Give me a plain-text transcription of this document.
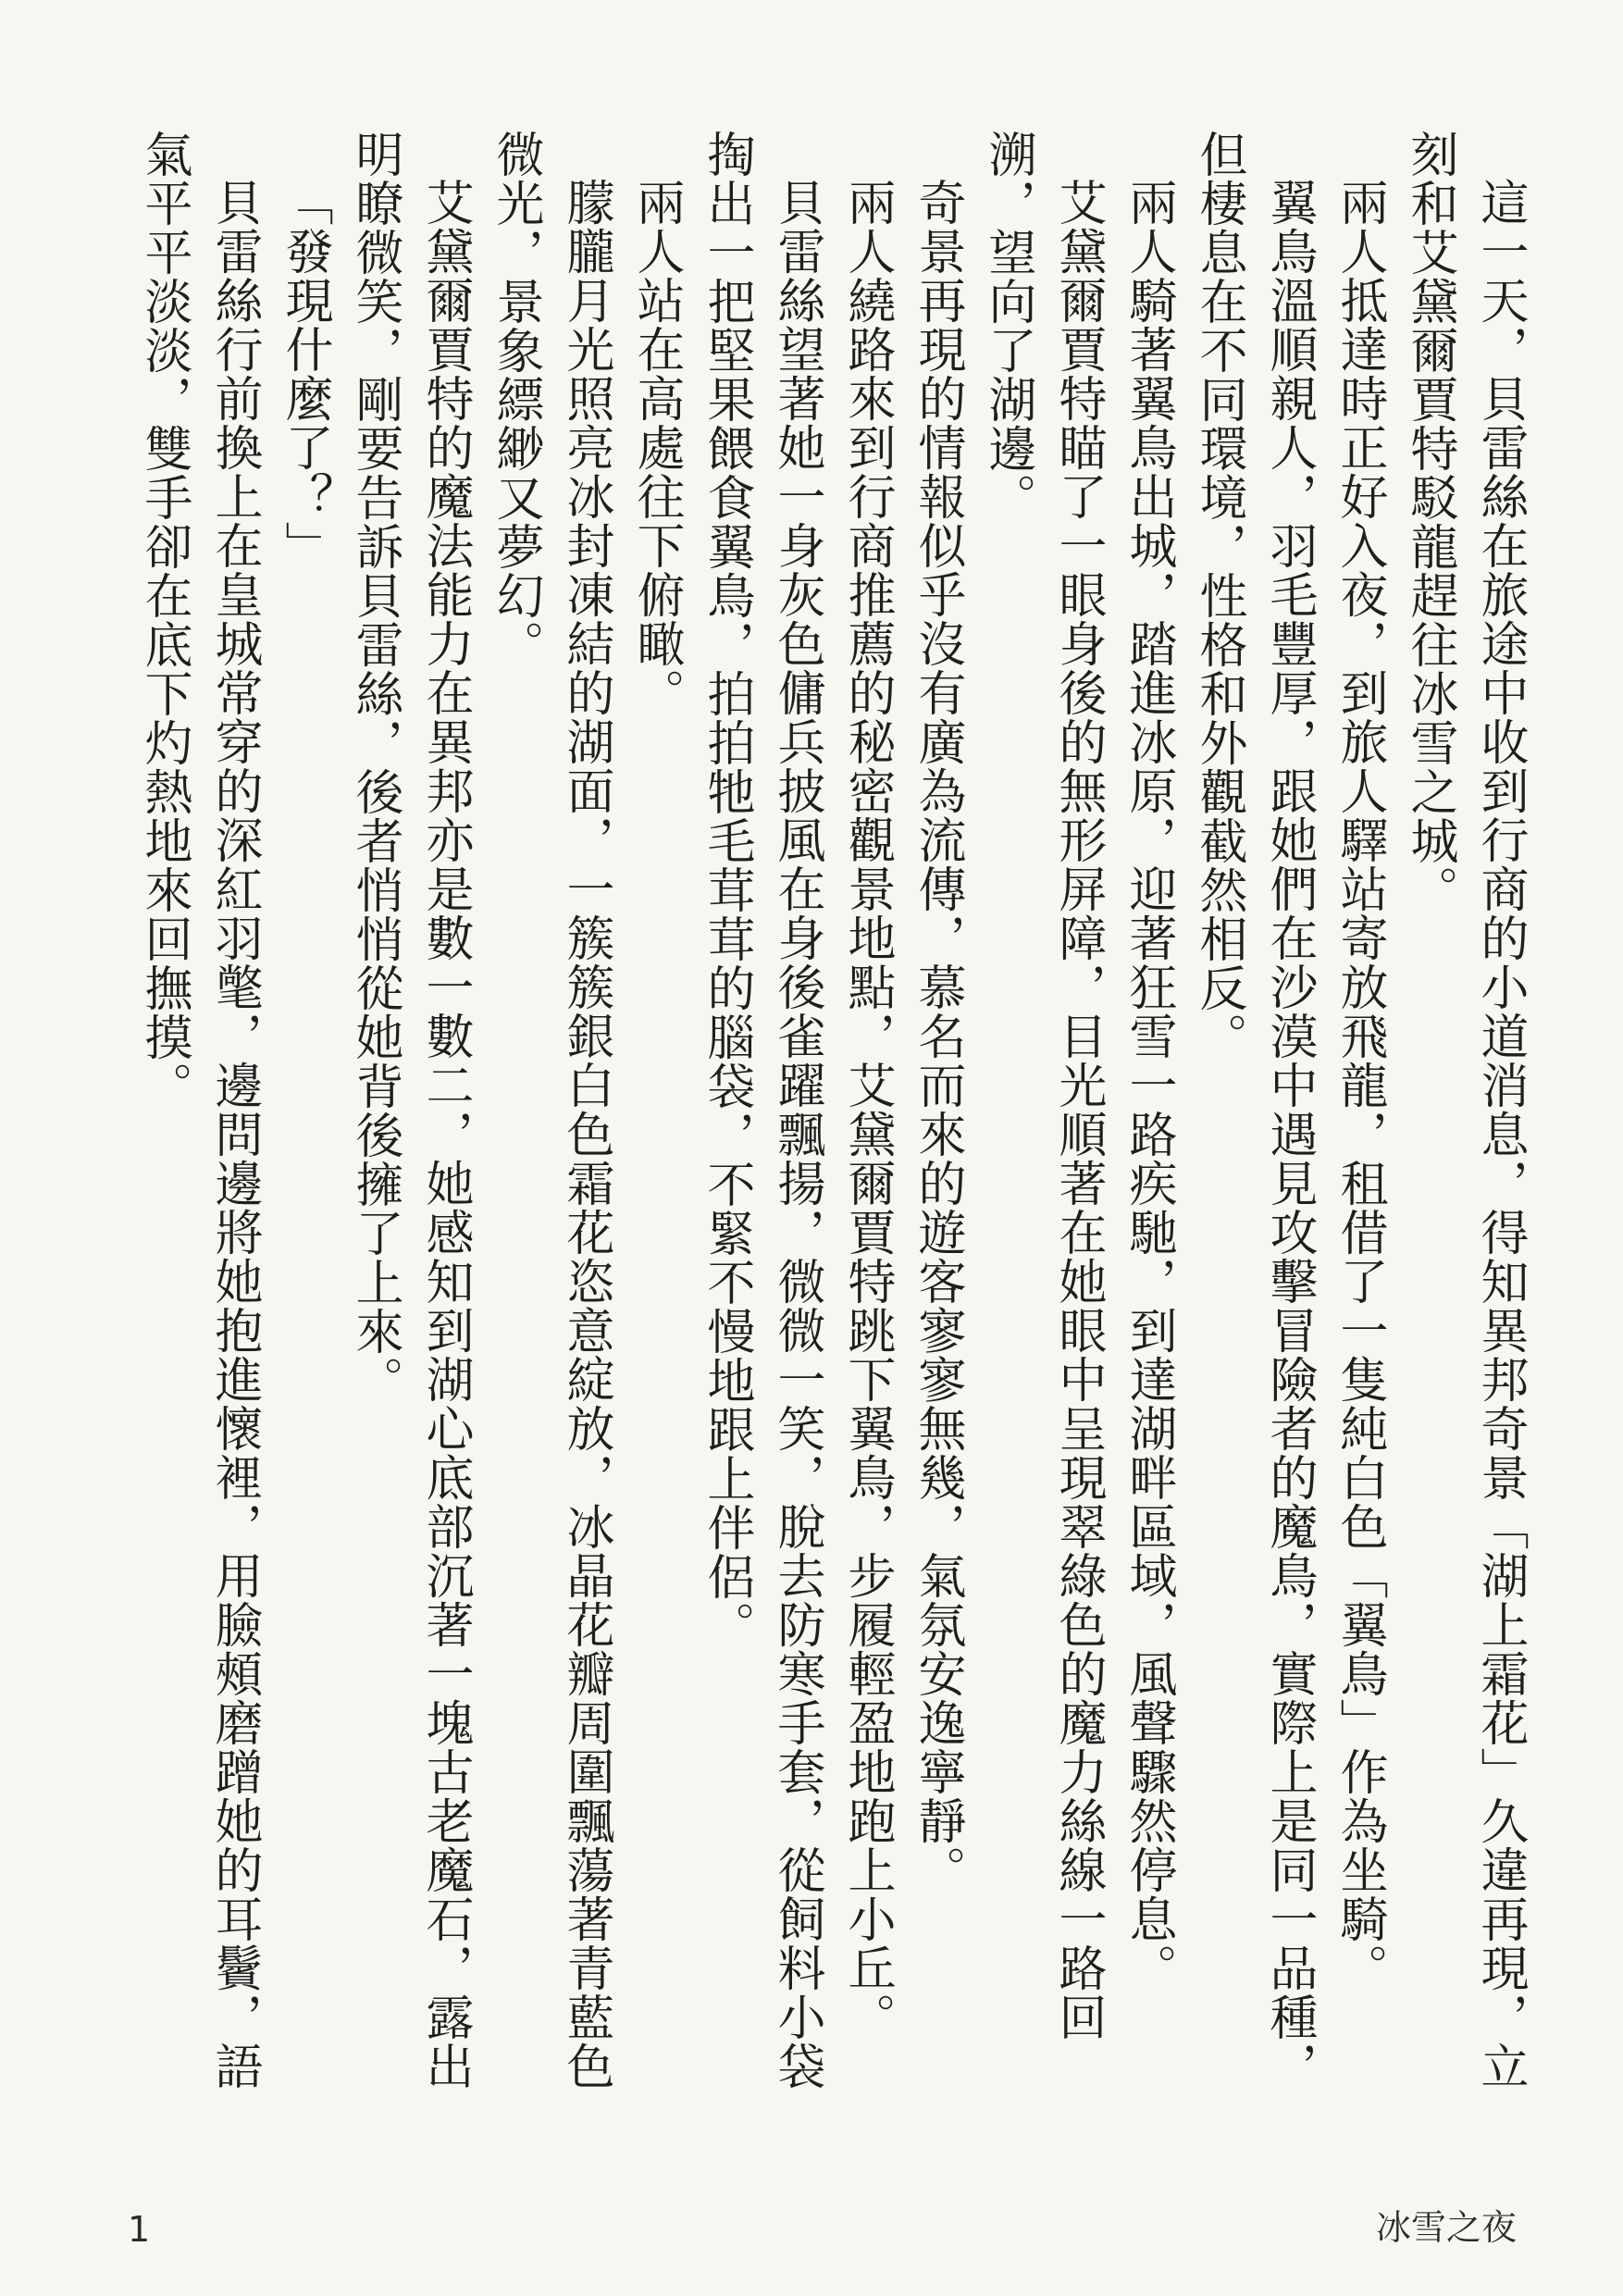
這一天，貝雷絲在旅途中收到行商的小道消息，得知異邦奇景「湖上霜花」久違再現，立刻和艾黛爾賈特駁龍趕往冰雪之城。

兩人抵達時正好入夜，到旅人驛站寄放飛龍，租借了一隻純白色「翼鳥」作為坐騎。

翼鳥溫順親人，羽毛豐厚，跟她們在沙漠中遇見攻擊冒險者的魔鳥，實際上是同一品種，但棲息在不同環境，性格和外觀截然相反。

兩人騎著翼鳥出城，踏進冰原，迎著狂雪一路疾馳，到達湖畔區域，風聲驟然停息。

艾黛爾賈特瞄了一眼身後的無形屏障，目光順著在她眼中呈現翠綠色的魔力絲線一路回溯，望向了湖邊。

奇景再現的情報似乎沒有廣為流傳，慕名而來的遊客寥寥無幾，氣氛安逸寧靜。

兩人繞路來到行商推薦的秘密觀景地點，艾黛爾賈特跳下翼鳥，步履輕盈地跑上小丘。

貝雷絲望著她一身灰色傭兵披風在身後雀躍飄揚，微微一笑，脫去防寒手套，從飼料小袋掏出一把堅果餵食翼鳥，拍拍牠毛茸茸的腦袋，不緊不慢地跟上伴侶。

兩人站在高處往下俯瞰。

朦朧月光照亮冰封凍結的湖面，一簇簇銀白色霜花恣意綻放，冰晶花瓣周圍飄蕩著青藍色微光，景象縹緲又夢幻。

艾黛爾賈特的魔法能力在異邦亦是數一數二，她感知到湖心底部沉著一塊古老魔石，露出明瞭微笑，剛要告訴貝雷絲，後者悄悄從她背後擁了上來。

「發現什麼了？」

貝雷絲行前換上在皇城常穿的深紅羽氅，邊問邊將她抱進懷裡，用臉頰磨蹭她的耳鬢，語氣平平淡淡，雙手卻在底下灼熱地來回撫摸。

1	冰雪之夜
